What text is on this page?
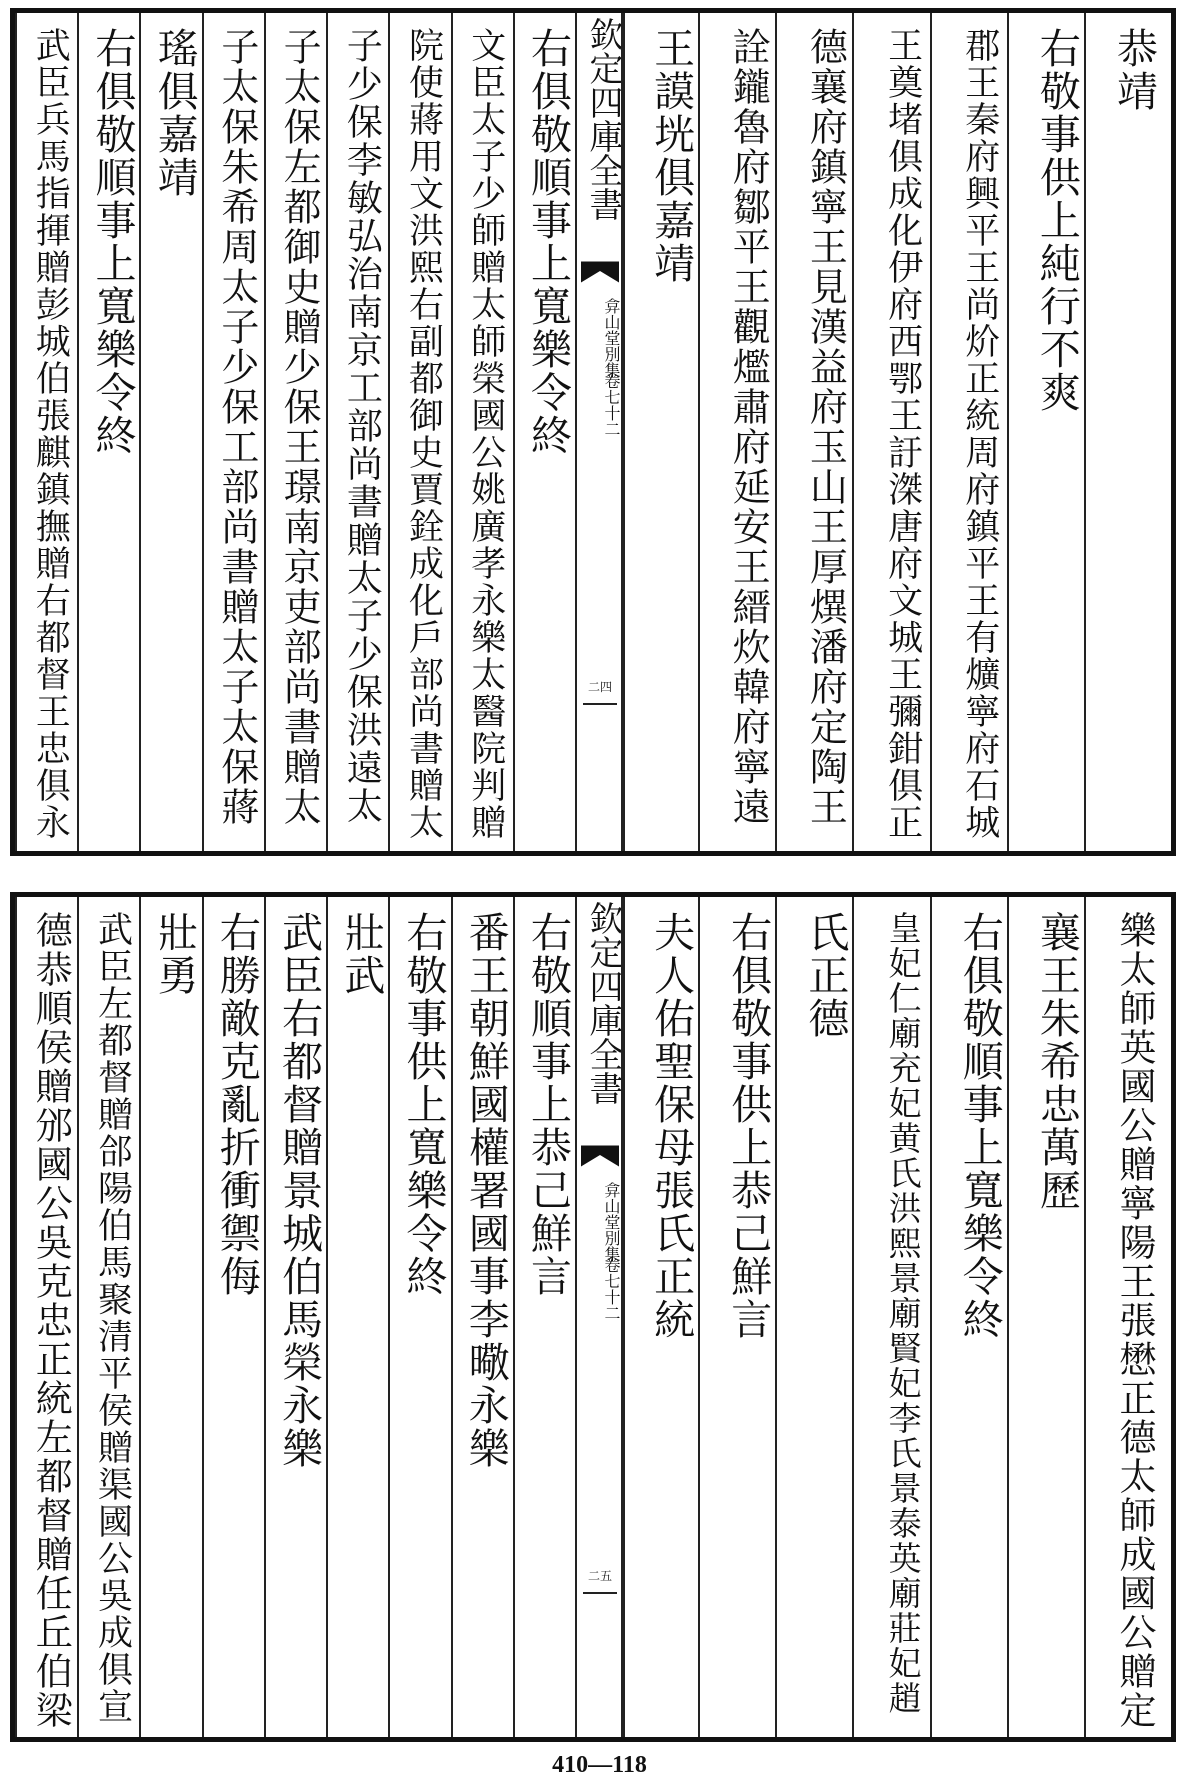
欽定四庫全書
弇山堂別集
卷七十二
二四
恭靖
右敬事供上純行不爽
郡王秦府興平王尚炌正統周府鎮平王有爌寧府石城
王奠堵俱成化伊府西鄂王訏滐唐府文城王彌鉗俱正
德襄府鎮寧王見漢益府玉山王厚熼潘府定陶王
詮鑨魯府鄒平王觀爁肅府延安王縉炊韓府寧遠
王謨垙俱嘉靖
右俱敬順事上寬樂令終
文臣太子少師贈太師榮國公姚廣孝永樂太醫院判贈
院使蔣用文洪熙右副都御史賈銓成化戶部尚書贈太
子少保李敏弘治南京工部尚書贈太子少保洪遠太
子太保左都御史贈少保王璟南京吏部尚書贈太
子太保朱希周太子少保工部尚書贈太子太保蔣
瑤俱嘉靖
右俱敬順事上寬樂令終
武臣兵馬指揮贈彭城伯張麒鎮撫贈右都督王忠俱永
欽定四庫全書
弇山堂別集
卷七十二
二五	樂太師英國公贈寧陽王張懋正德太師成國公贈定
襄王朱希忠萬歷
右俱敬順事上寬樂令終
皇妃仁廟充妃黄氏洪熙景廟賢妃李氏景泰英廟莊妃趙
氏正德
右俱敬事供上恭己鮮言
夫人佑聖保母張氏正統
右敬順事上恭己鮮言
番王朝鮮國權署國事李曔永樂
右敬事供上寬樂令終
壯武
武臣右都督贈景城伯馬榮永樂
右勝敵克亂折衝禦侮
壯勇
武臣左都督贈郃陽伯馬聚清平侯贈渠國公吳成俱宣
德恭順侯贈邠國公吳克忠正統左都督贈任丘伯梁
410—118
